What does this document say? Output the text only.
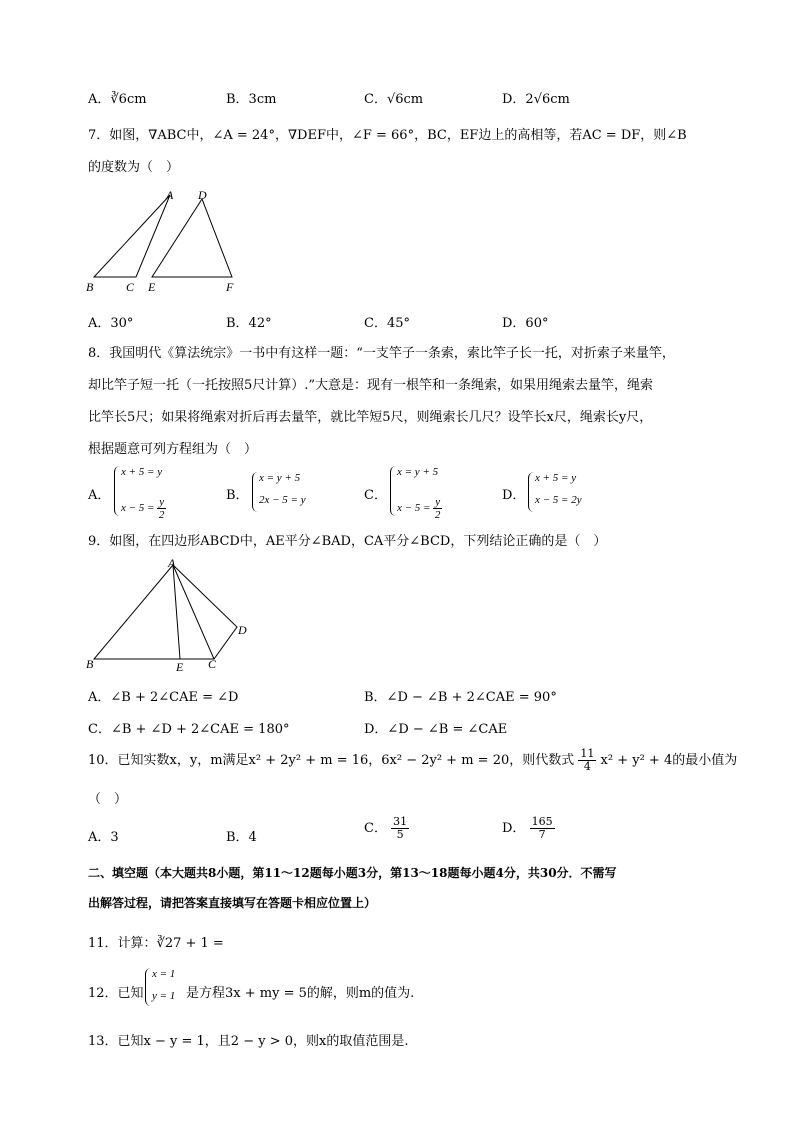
A．∛6cm	B．3cm	C．√6cm	D．2√6cm
7．如图，∇ABC中，∠A = 24°，∇DEF中，∠F = 66°，BC，EF边上的高相等，若AC = DF，则∠B
的度数为（　）
A
B	C
D
E	F
A．30°	B．42°	C．45°	D．60°
8．我国明代《算法统宗》一书中有这样一题：“一支竿子一条索，索比竿子长一托，对折索子来量竿，
却比竿子短一托（一托按照5尺计算）.”大意是：现有一根竿和一条绳索，如果用绳索去量竿，绳索
比竿长5尺；如果将绳索对折后再去量竿，就比竿短5尺，则绳索长几尺？设竿长x尺，绳索长y尺，
根据题意可列方程组为（　）
A．
x + 5 = y
$x - 5 = \frac{y}{2}$
B．
x = y + 5
2x − 5 = y	C．
x = y + 5
$x - 5 = \frac{y}{2}$
D．
x + 5 = y
x − 5 = 2y
9．如图，在四边形ABCD中，AE平分∠BAD，CA平分∠BCD，下列结论正确的是（　）
A
B	E C
D
A．∠B + 2∠CAE = ∠D	B．∠D − ∠B + 2∠CAE = 90°
C．∠B + ∠D + 2∠CAE = 180°	D．∠D − ∠B = ∠CAE
10．已知实数x，y，m满足x² + 2y² + m = 16，6x² − 2y² + m = 20，则代数式 $\frac{11}{4} x^2 + y^2 + 4$的最小值为
（　）
A．3	B．4
C． $\frac{31}{5}$	D． $\frac{165}{7}$
二、填空题（本大题共8小题，第11～12题每小题3分，第13～18题每小题4分，共30分．不需写
出解答过程，请把答案直接填写在答题卡相应位置上）
11．计算：∛27 + 1 =
12．已知
x = 1
y = 1 是方程3x + my = 5的解，则m的值为.
13．已知x − y = 1，且2 − y > 0，则x的取值范围是.
